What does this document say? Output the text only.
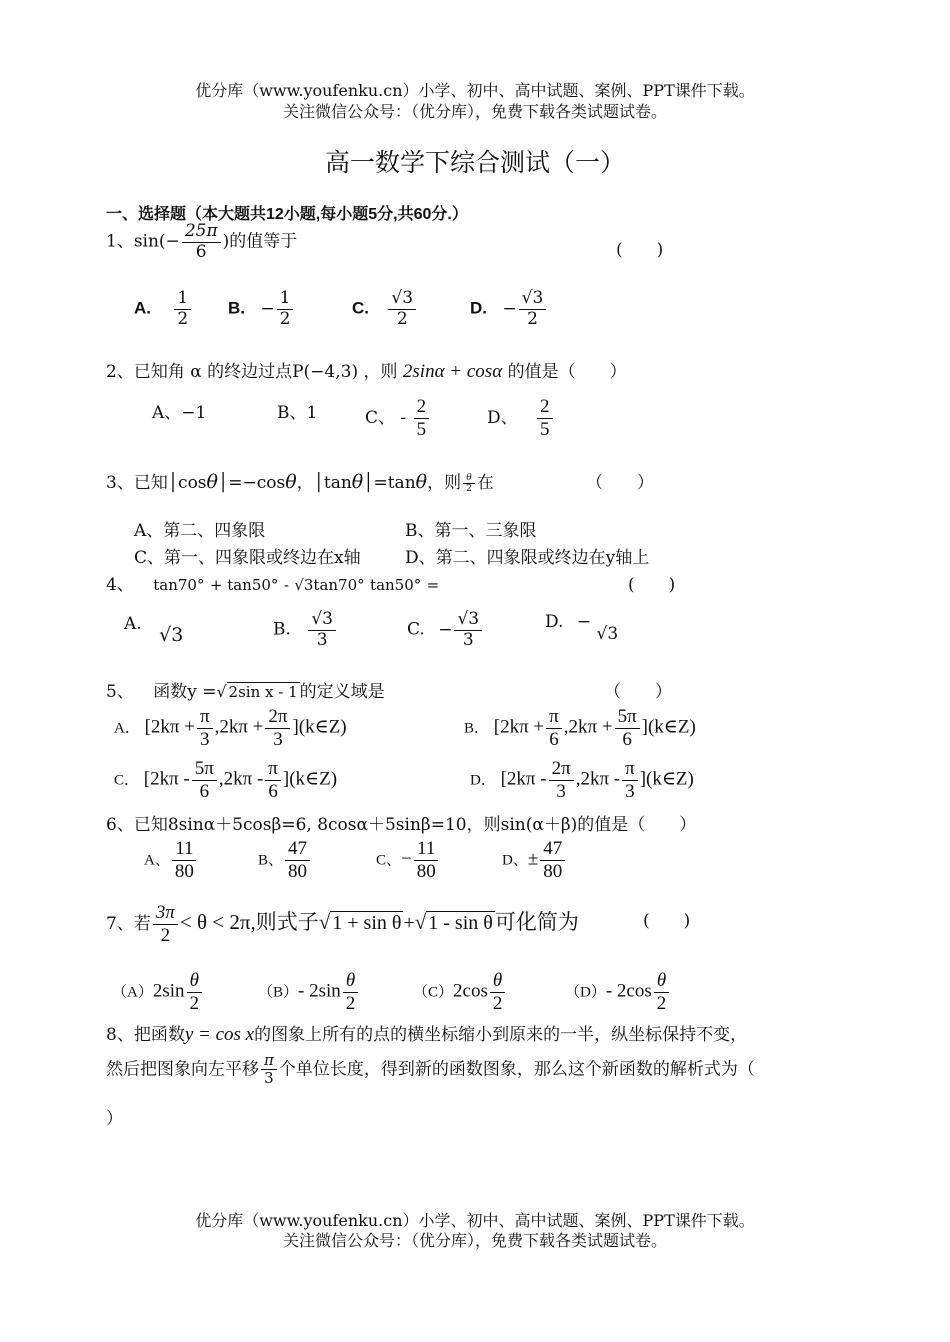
优分库（www.youfenku.cn）小学、初中、高中试题、案例、PPT课件下载。
关注微信公众号：（优分库），免费下载各类试题试卷。
高一数学下综合测试（一）
一、选择题（本大题共12小题,每小题5分,共60分.）
1、$\sin(- \frac{25\pi}{6}$ )的值等于	(　　)
A. $\frac{1}{2} B$. − $\frac{1}{2}$	C. $\frac{√3}{2}$	D. − $\frac{√3}{2}$
2、已知角 α 的终边过点P(−4,3) ，则 2sinα + cosα 的值是（　　）
A、−1	B、1	C、 - $\frac{2}{5}$	D、 $\frac{2}{5}$
3、已知│cosθ│=−cosθ，│tanθ│=tanθ，则 $\frac{\theta}{2}$ 在	（　　）
A、第二、四象限	B、第一、三象限
C、第一、四象限或终边在x轴	D、第二、四象限或终边在y轴上
4、 tan70° + tan50° - √3tan70° tan50° =	(　　)
A. √3	B. $\frac{√3}{3}$	C. − $\frac{√3}{3}$	D. − √3
5、 函数y =√ 2sin x - 1 的定义域是	（　　）
A． [$2k\pi + \frac{\pi}{3} ,2k\pi + \frac{2\pi}{3}$ ](k∈Z)	B． [$2k\pi + \frac{\pi}{6} ,2k\pi + \frac{5\pi}{6}$ ](k∈Z)
C． [$2k\pi - \frac{5\pi}{6} ,2k\pi - \frac{\pi}{6}$ ](k∈Z)	D． [$2k\pi - \frac{2\pi}{3} ,2k\pi - \frac{\pi}{3}$ ](k∈Z)
6、已知8sinα＋5cosβ=6, 8cosα＋5sinβ=10，则sin(α＋β)的值是（　　）
A、 $\frac{11}{80}$	B、 $\frac{47}{80}$	C、− $\frac{11}{80}$	D、± $\frac{47}{80}$
7、若 $\frac{3\pi}{2} < \theta < 2\pi$,则式子√ 1 + sin θ +√ 1 - sin θ可化简为	(　　)
$(A)2\sin \frac{\theta}{2}$	（B）- $2\sin \frac{\theta}{2}$	$(C)2\cos \frac{\theta}{2}$	（D）- $2\cos \frac{\theta}{2}$
8、把函数y = cos x的图象上所有的点的横坐标缩小到原来的一半，纵坐标保持不变，
然后把图象向左平移 $\frac{\pi}{3}$ 个单位长度，得到新的函数图象，那么这个新函数的解析式为（
）
优分库（www.youfenku.cn）小学、初中、高中试题、案例、PPT课件下载。
关注微信公众号：（优分库），免费下载各类试题试卷。
